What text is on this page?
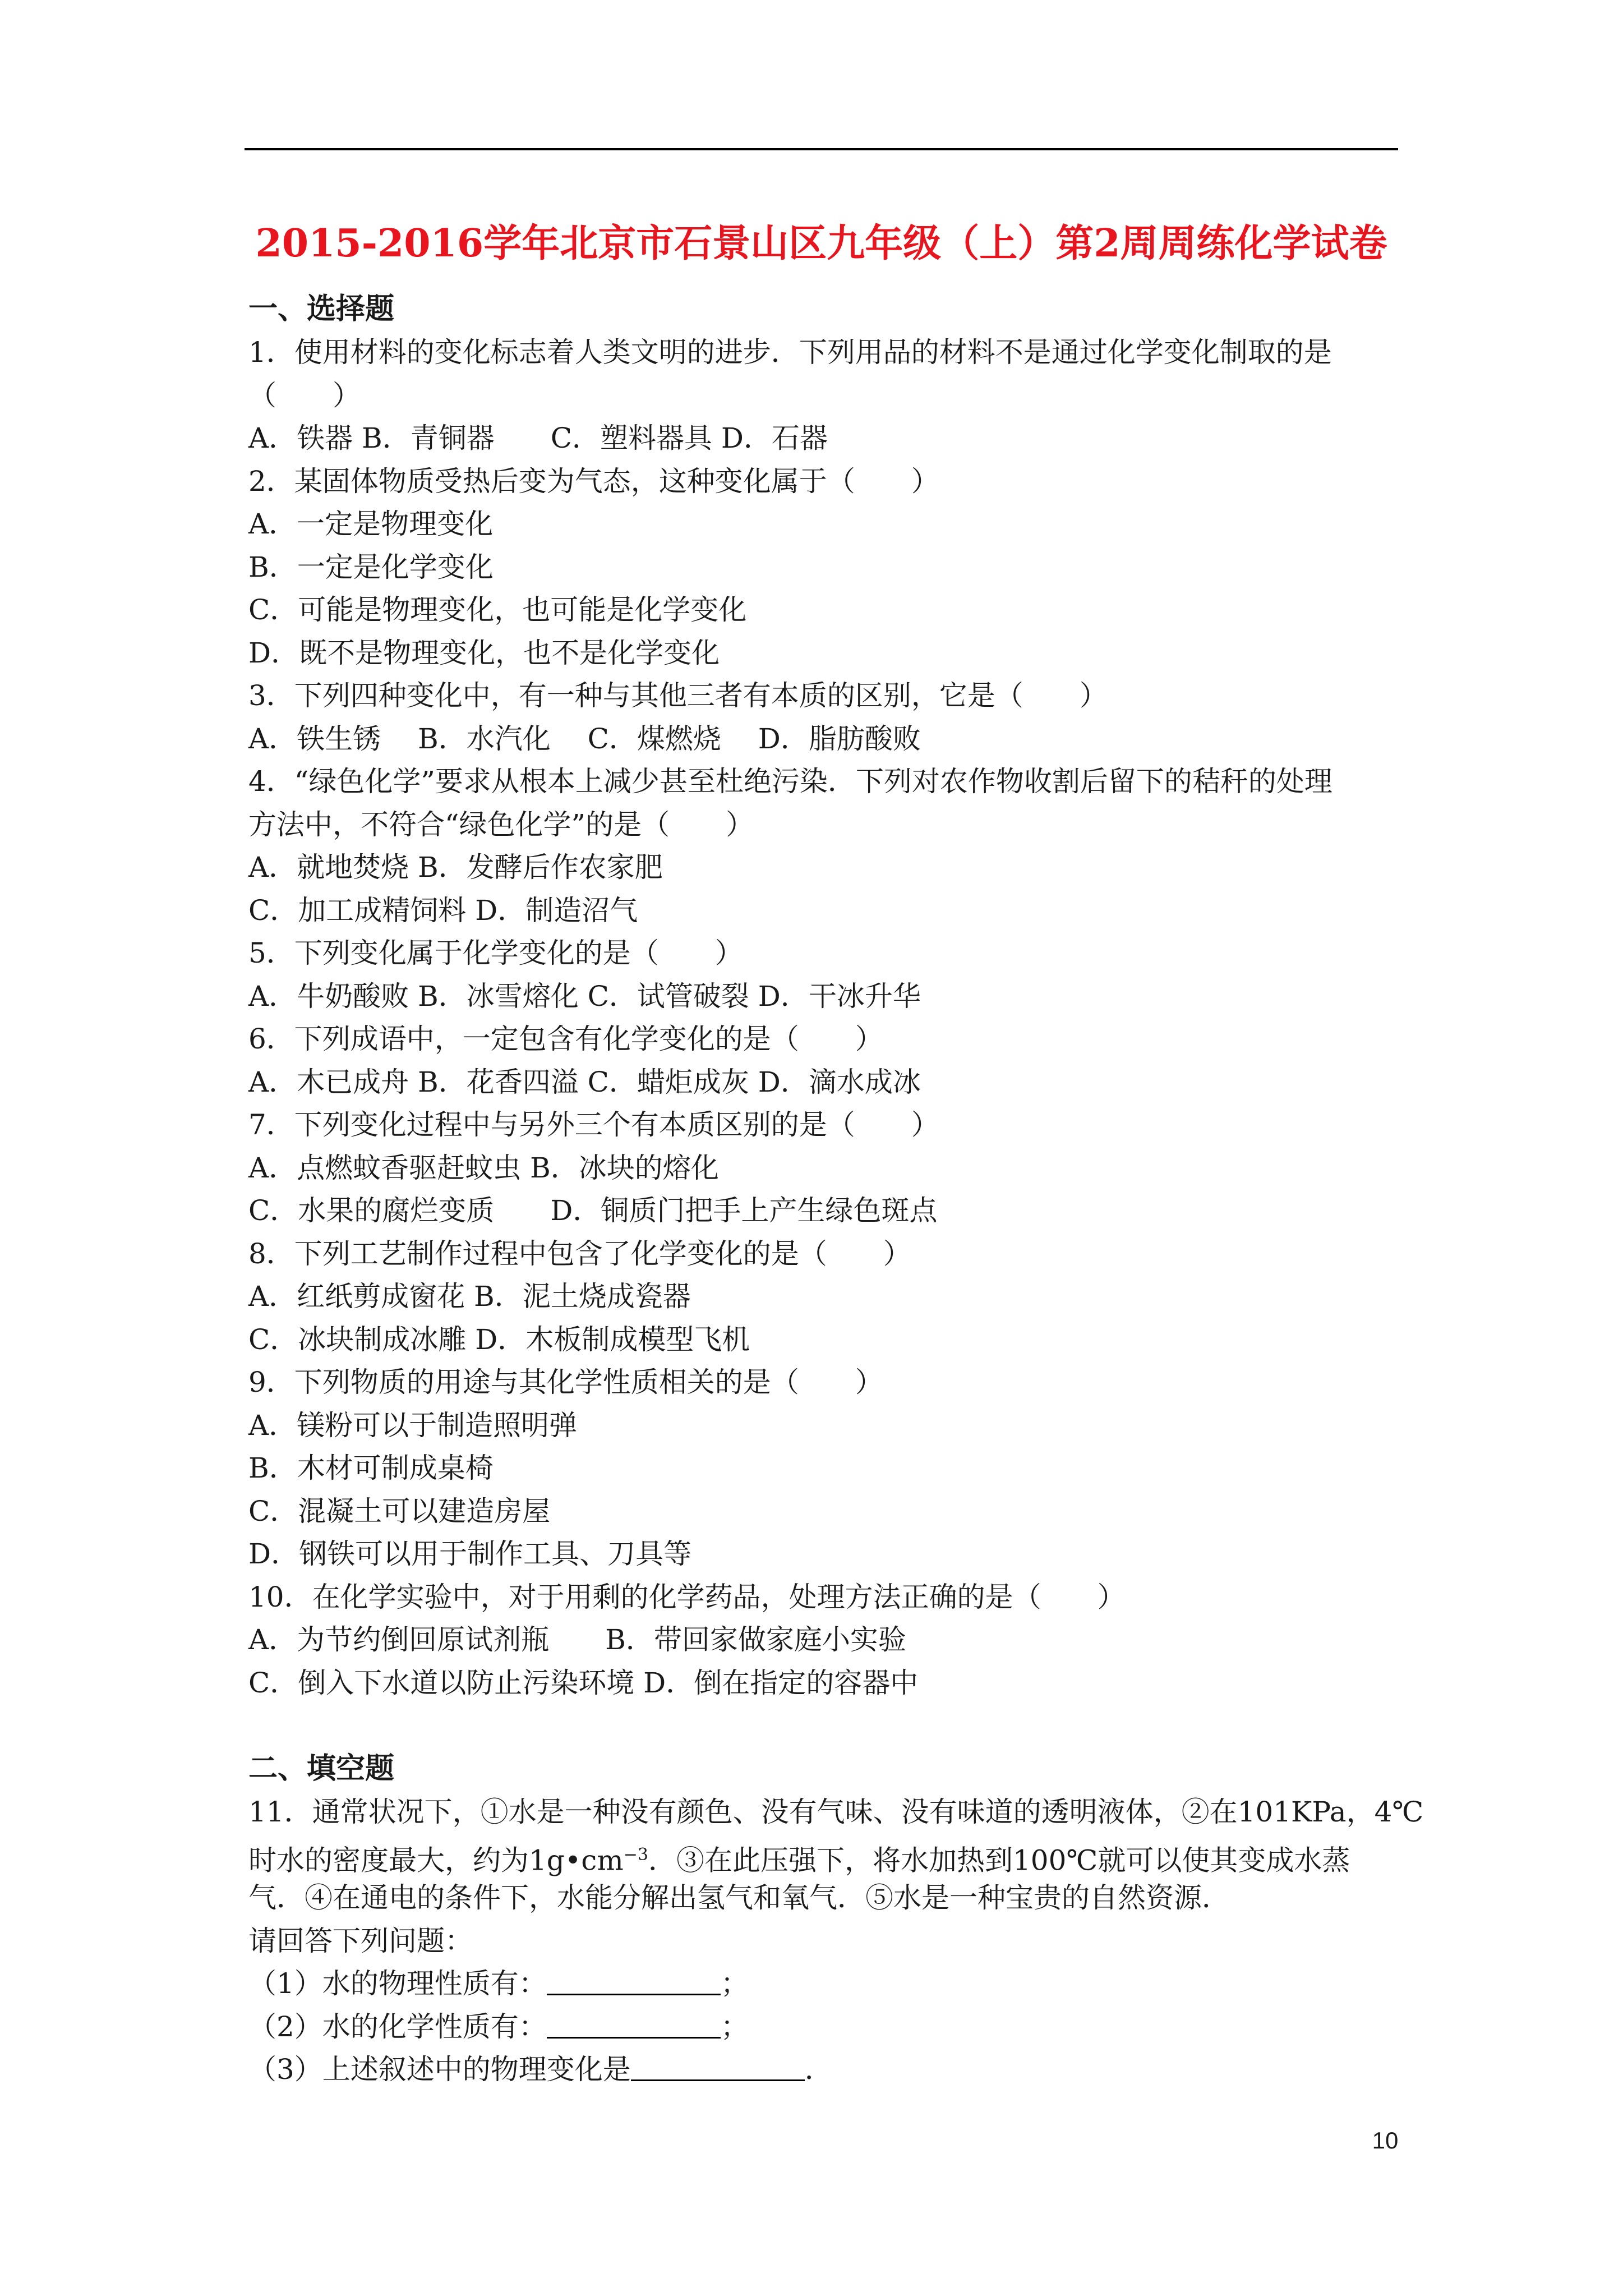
2015-2016学年北京市石景山区九年级（上）第2周周练化学试卷
一、选择题
1．使用材料的变化标志着人类文明的进步．下列用品的材料不是通过化学变化制取的是
（　　）
A．铁器 B．青铜器　　C．塑料器具 D．石器
2．某固体物质受热后变为气态，这种变化属于（　　）
A．一定是物理变化
B．一定是化学变化
C．可能是物理变化，也可能是化学变化
D．既不是物理变化，也不是化学变化
3．下列四种变化中，有一种与其他三者有本质的区别，它是（　　）
A．铁生锈　 B．水汽化　 C．煤燃烧　 D．脂肪酸败
4．“绿色化学”要求从根本上减少甚至杜绝污染．下列对农作物收割后留下的秸秆的处理
方法中，不符合“绿色化学”的是（　　）
A．就地焚烧 B．发酵后作农家肥
C．加工成精饲料 D．制造沼气
5．下列变化属于化学变化的是（　　）
A．牛奶酸败 B．冰雪熔化 C．试管破裂 D．干冰升华
6．下列成语中，一定包含有化学变化的是（　　）
A．木已成舟 B．花香四溢 C．蜡炬成灰 D．滴水成冰
7．下列变化过程中与另外三个有本质区别的是（　　）
A．点燃蚊香驱赶蚊虫 B．冰块的熔化
C．水果的腐烂变质　　D．铜质门把手上产生绿色斑点
8．下列工艺制作过程中包含了化学变化的是（　　）
A．红纸剪成窗花 B．泥土烧成瓷器
C．冰块制成冰雕 D．木板制成模型飞机
9．下列物质的用途与其化学性质相关的是（　　）
A．镁粉可以于制造照明弹
B．木材可制成桌椅
C．混凝土可以建造房屋
D．钢铁可以用于制作工具、刀具等
10．在化学实验中，对于用剩的化学药品，处理方法正确的是（　　）
A．为节约倒回原试剂瓶　　B．带回家做家庭小实验
C．倒入下水道以防止污染环境 D．倒在指定的容器中
二、填空题
11．通常状况下，①水是一种没有颜色、没有气味、没有味道的透明液体，②在101KPa，4℃
时水的密度最大，约为$1g•cm^{-3}$．③在此压强下，将水加热到100℃就可以使其变成水蒸
气．④在通电的条件下，水能分解出氢气和氧气．⑤水是一种宝贵的自然资源．
请回答下列问题：
（1）水的物理性质有：	；
（2）水的化学性质有：	；
（3）上述叙述中的物理变化是	．
10
